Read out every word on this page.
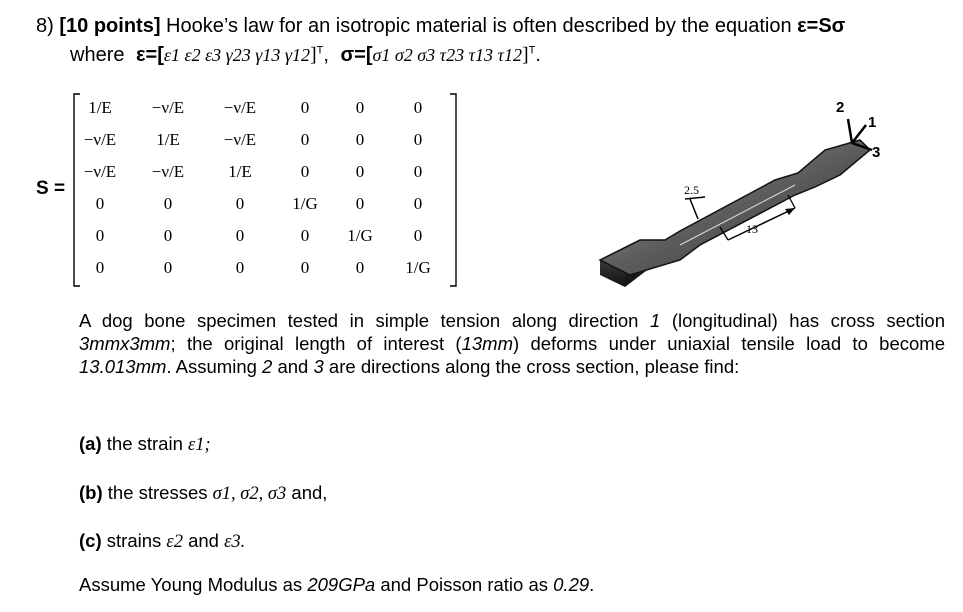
8) [10 points] Hooke’s law for an isotropic material is often described by the equation ε=Sσ
where ε=[ε1 ε2 ε3 γ23 γ13 γ12]$^T$, σ=[σ1 σ2 σ3 τ23 τ13 τ12]$^T$.
S =
1/E	−ν/E	−ν/E	0	0	0
−ν/E	1/E	−ν/E	0	0	0
−ν/E	−ν/E	1/E	0	0	0
0	0	0	1/G	0	0
0	0	0	0	1/G	0
0	0	0	0	0	1/G
2.5
13
2
1
3
A dog bone specimen tested in simple tension along direction 1 (longitudinal) has cross section 3mmx3mm; the original length of interest (13mm) deforms under uniaxial tensile load to become 13.013mm. Assuming 2 and 3 are directions along the cross section, please find:
(a) the strain ε1;
(b) the stresses σ1, σ2, σ3 and,
(c) strains ε2 and ε3.
Assume Young Modulus as 209GPa and Poisson ratio as 0.29.
